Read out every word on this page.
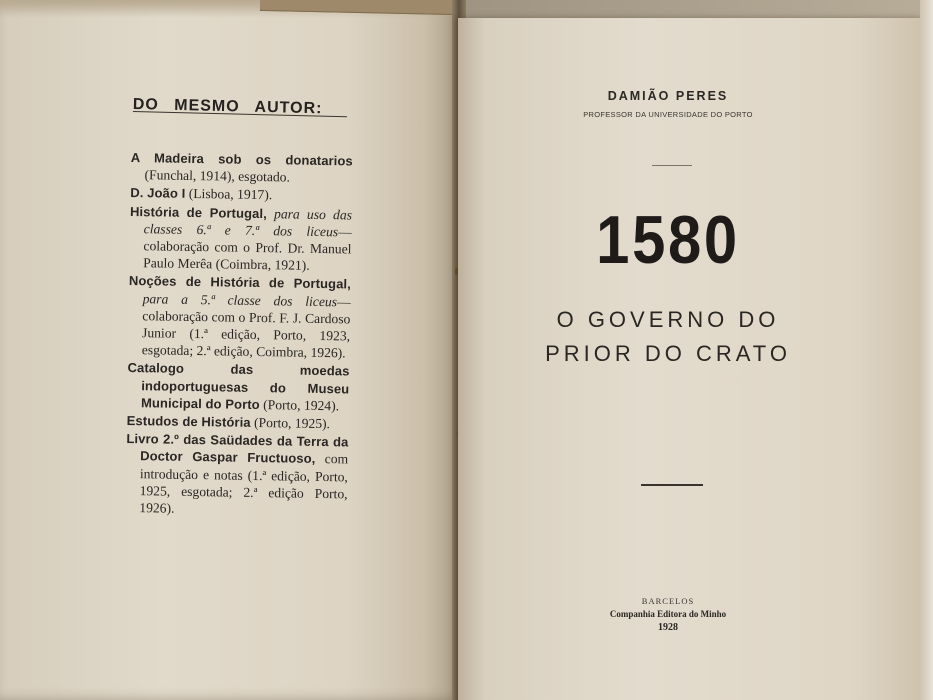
DO MESMO AUTOR:

A Madeira sob os donatarios (Funchal, 1914), esgotado.

D. João I (Lisboa, 1917).

História de Portugal, para uso das classes 6.ª e 7.ª dos liceus—colaboração com o Prof. Dr. Manuel Paulo Merêa (Coimbra, 1921).

Noções de História de Portugal, para a 5.ª classe dos liceus—colaboração com o Prof. F. J. Cardoso Junior (1.ª edição, Porto, 1923, esgotada; 2.ª edição, Coimbra, 1926).

Catalogo das moedas indoportuguesas do Museu Municipal do Porto (Porto, 1924).

Estudos de História (Porto, 1925).

Livro 2.º das Saüdades da Terra da Doctor Gaspar Fructuoso, com introdução e notas (1.ª edição, Porto, 1925, esgotada; 2.ª edição Porto, 1926).

DAMIÃO PERES
PROFESSOR DA UNIVERSIDADE DO PORTO
1580
O GOVERNO DO
PRIOR DO CRATO
BARCELOS
Companhia Editora do Minho
1928
